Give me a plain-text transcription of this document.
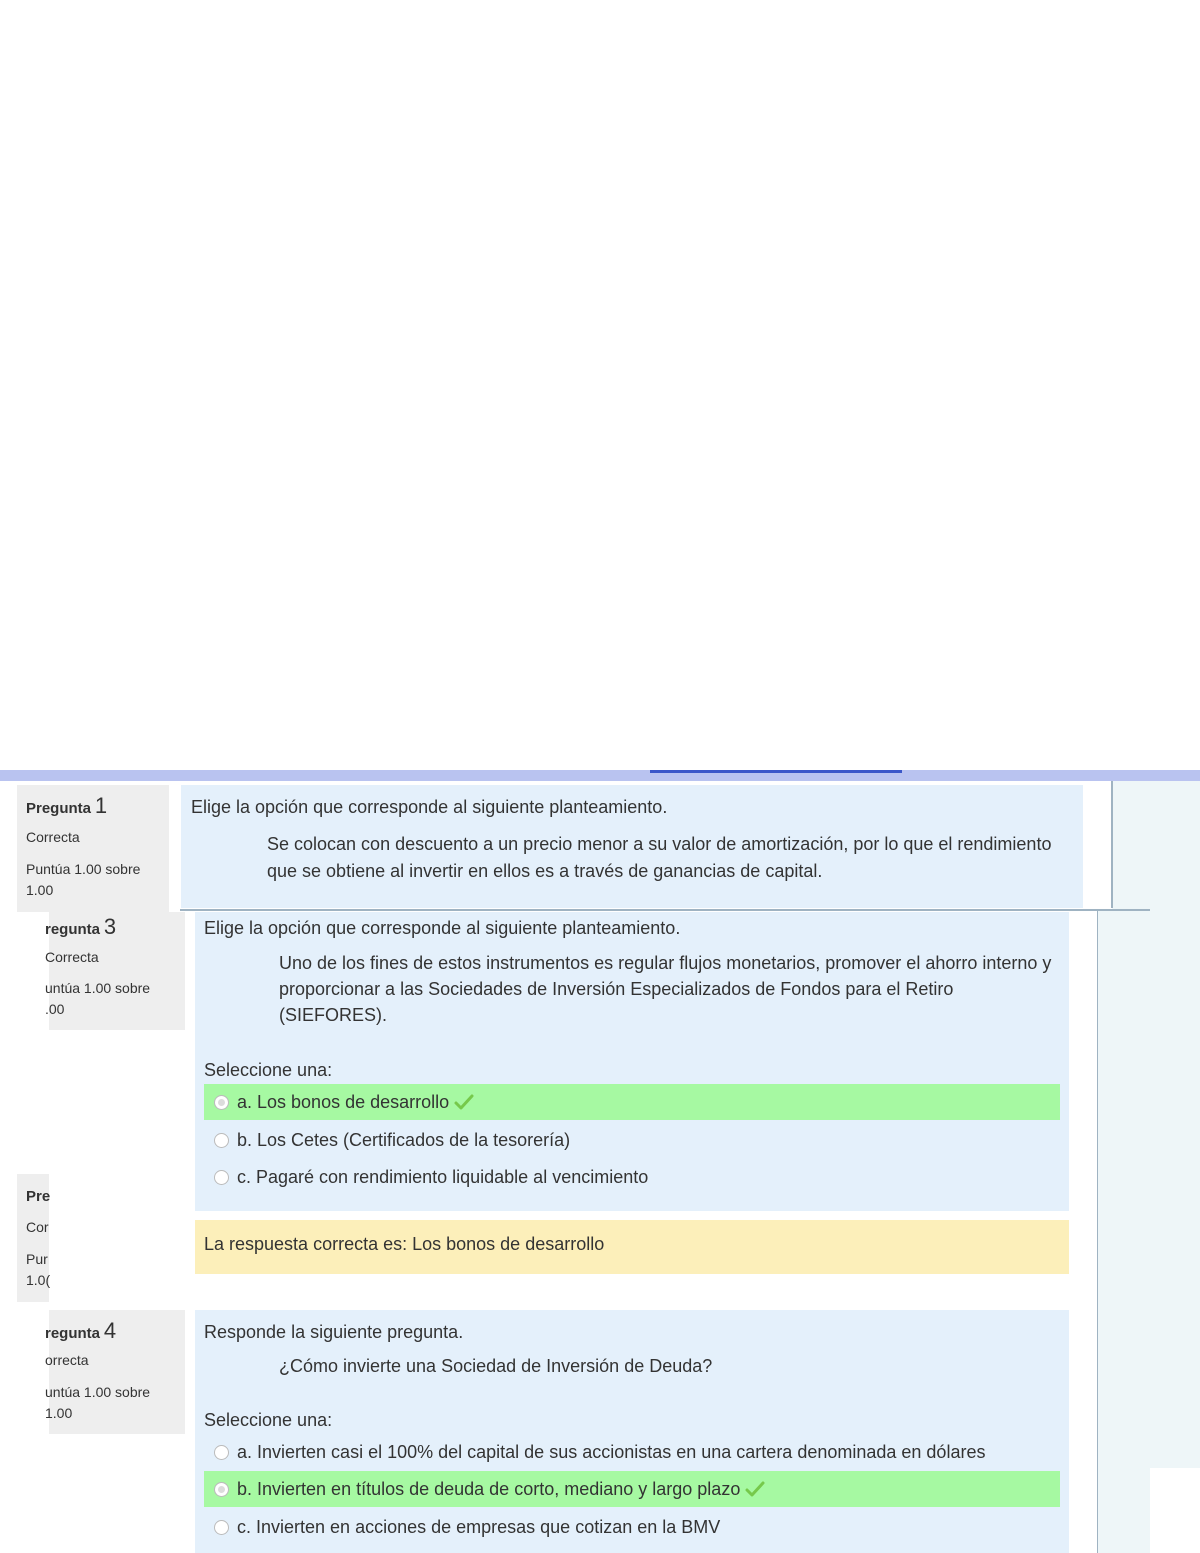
Pregunta 1
Correcta
Puntúa 1.00 sobre
1.00
Elige la opción que corresponde al siguiente planteamiento.
Se colocan con descuento a un precio menor a su valor de amortización, por lo que el rendimiento que se obtiene al invertir en ellos es a través de ganancias de capital.
Pre
Cor
Pur
1.0(
regunta 3
Correcta
untúa 1.00 sobre
.00
Elige la opción que corresponde al siguiente planteamiento.
Uno de los fines de estos instrumentos es regular flujos monetarios, promover el ahorro interno y proporcionar a las Sociedades de Inversión Especializados de Fondos para el Retiro (SIEFORES).
Seleccione una:
a. Los bonos de desarrollo
b. Los Cetes (Certificados de la tesorería)
c. Pagaré con rendimiento liquidable al vencimiento
La respuesta correcta es: Los bonos de desarrollo
regunta 4
orrecta
untúa 1.00 sobre
1.00
Responde la siguiente pregunta.
¿Cómo invierte una Sociedad de Inversión de Deuda?
Seleccione una:
a. Invierten casi el 100% del capital de sus accionistas en una cartera denominada en dólares
b. Invierten en títulos de deuda de corto, mediano y largo plazo
c. Invierten en acciones de empresas que cotizan en la BMV
